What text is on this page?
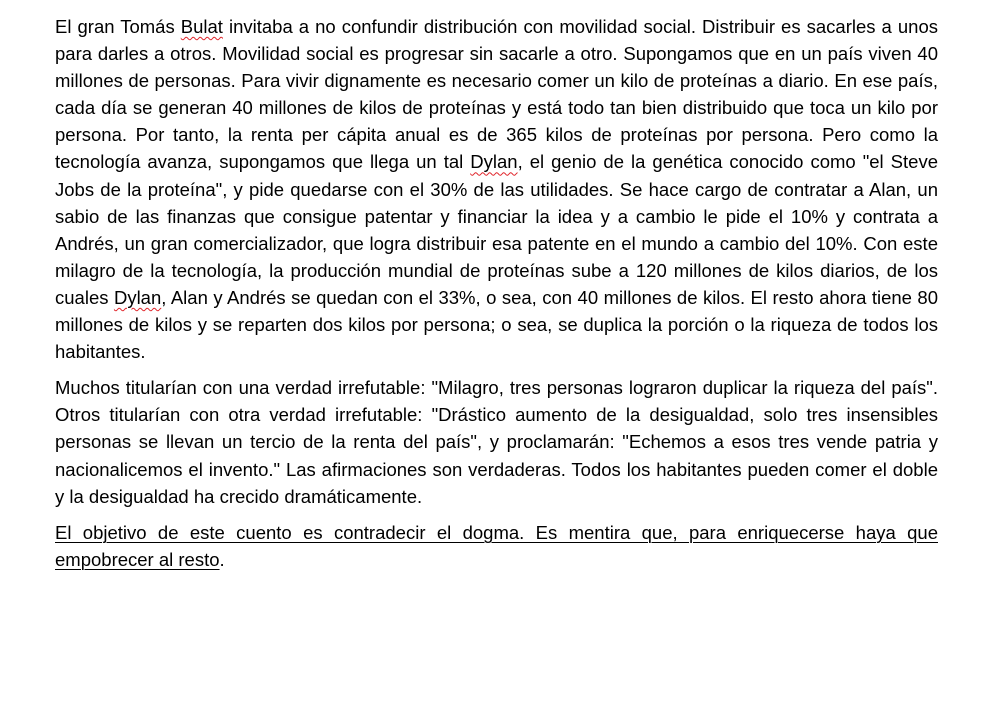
El gran Tomás Bulat invitaba a no confundir distribución con movilidad social. Distribuir es sacarles a unos para darles a otros. Movilidad social es progresar sin sacarle a otro. Supongamos que en un país viven 40 millones de personas. Para vivir dignamente es necesario comer un kilo de proteínas a diario. En ese país, cada día se generan 40 millones de kilos de proteínas y está todo tan bien distribuido que toca un kilo por persona. Por tanto, la renta per cápita anual es de 365 kilos de proteínas por persona. Pero como la tecnología avanza, supongamos que llega un tal Dylan, el genio de la genética conocido como "el Steve Jobs de la proteína", y pide quedarse con el 30% de las utilidades. Se hace cargo de contratar a Alan, un sabio de las finanzas que consigue patentar y financiar la idea y a cambio le pide el 10% y contrata a Andrés, un gran comercializador, que logra distribuir esa patente en el mundo a cambio del 10%. Con este milagro de la tecnología, la producción mundial de proteínas sube a 120 millones de kilos diarios, de los cuales Dylan, Alan y Andrés se quedan con el 33%, o sea, con 40 millones de kilos. El resto ahora tiene 80 millones de kilos y se reparten dos kilos por persona; o sea, se duplica la porción o la riqueza de todos los habitantes.

Muchos titularían con una verdad irrefutable: "Milagro, tres personas lograron duplicar la riqueza del país". Otros titularían con otra verdad irrefutable: "Drástico aumento de la desigualdad, solo tres insensibles personas se llevan un tercio de la renta del país", y proclamarán: "Echemos a esos tres vende patria y nacionalicemos el invento." Las afirmaciones son verdaderas. Todos los habitantes pueden comer el doble y la desigualdad ha crecido dramáticamente.

El objetivo de este cuento es contradecir el dogma. Es mentira que, para enriquecerse haya que empobrecer al resto.
